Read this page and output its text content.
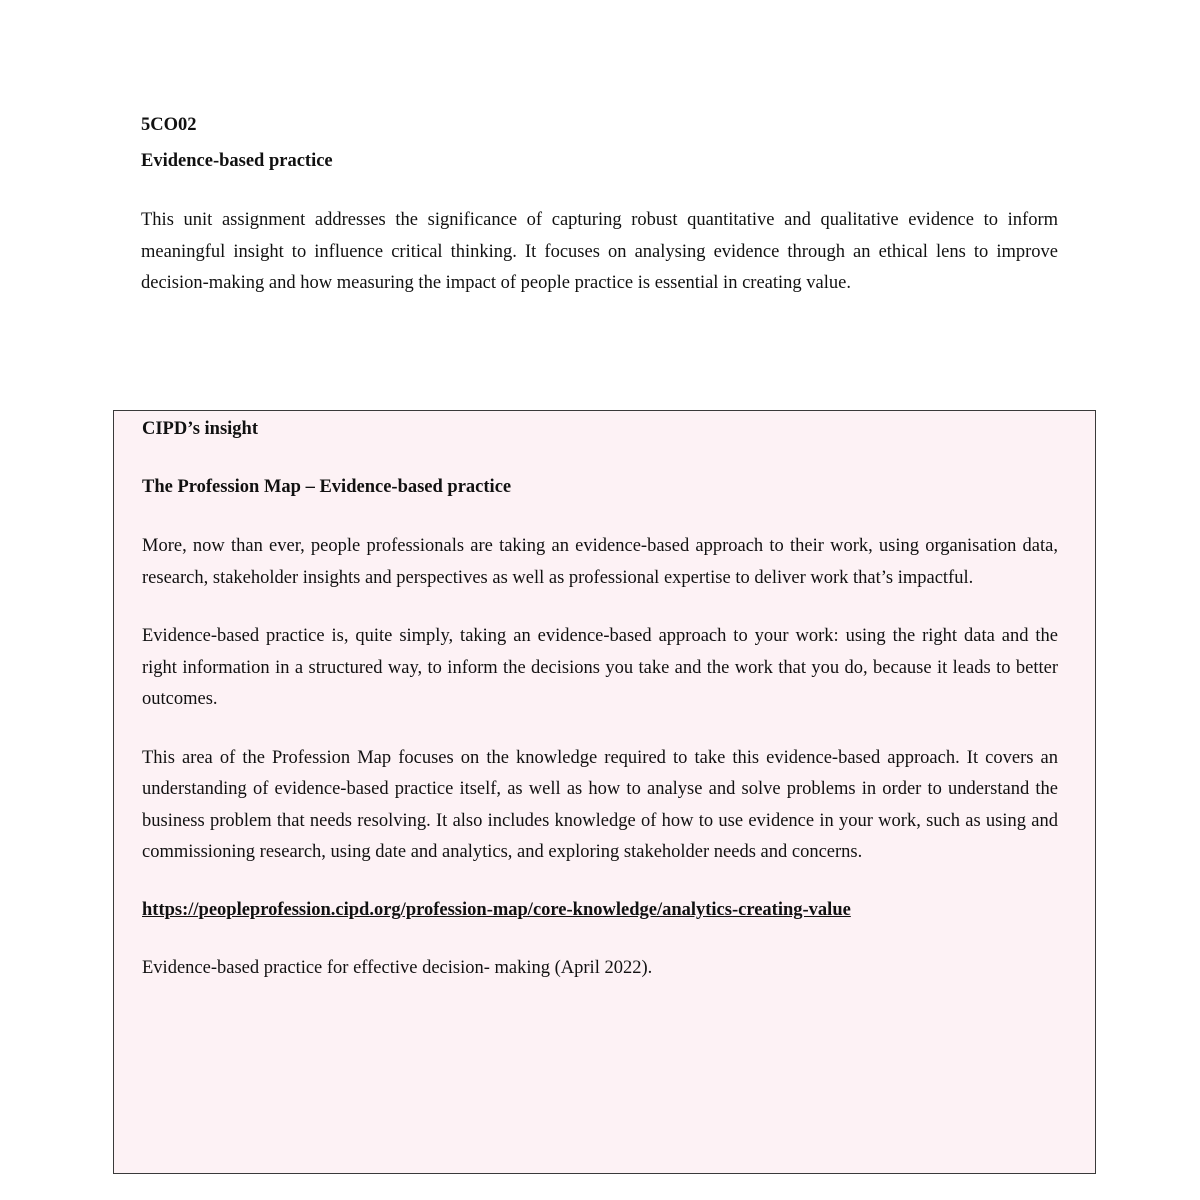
5CO02

Evidence-based practice

This unit assignment addresses the significance of capturing robust quantitative and qualitative evidence to inform meaningful insight to influence critical thinking. It focuses on analysing evidence through an ethical lens to improve decision-making and how measuring the impact of people practice is essential in creating value.

CIPD’s insight

The Profession Map – Evidence-based practice

More, now than ever, people professionals are taking an evidence-based approach to their work, using organisation data, research, stakeholder insights and perspectives as well as professional expertise to deliver work that’s impactful.

Evidence-based practice is, quite simply, taking an evidence-based approach to your work: using the right data and the right information in a structured way, to inform the decisions you take and the work that you do, because it leads to better outcomes.

This area of the Profession Map focuses on the knowledge required to take this evidence-based approach. It covers an understanding of evidence-based practice itself, as well as how to analyse and solve problems in order to understand the business problem that needs resolving. It also includes knowledge of how to use evidence in your work, such as using and commissioning research, using date and analytics, and exploring stakeholder needs and concerns.

https://peopleprofession.cipd.org/profession-map/core-knowledge/analytics-creating-value

Evidence-based practice for effective decision- making (April 2022).
